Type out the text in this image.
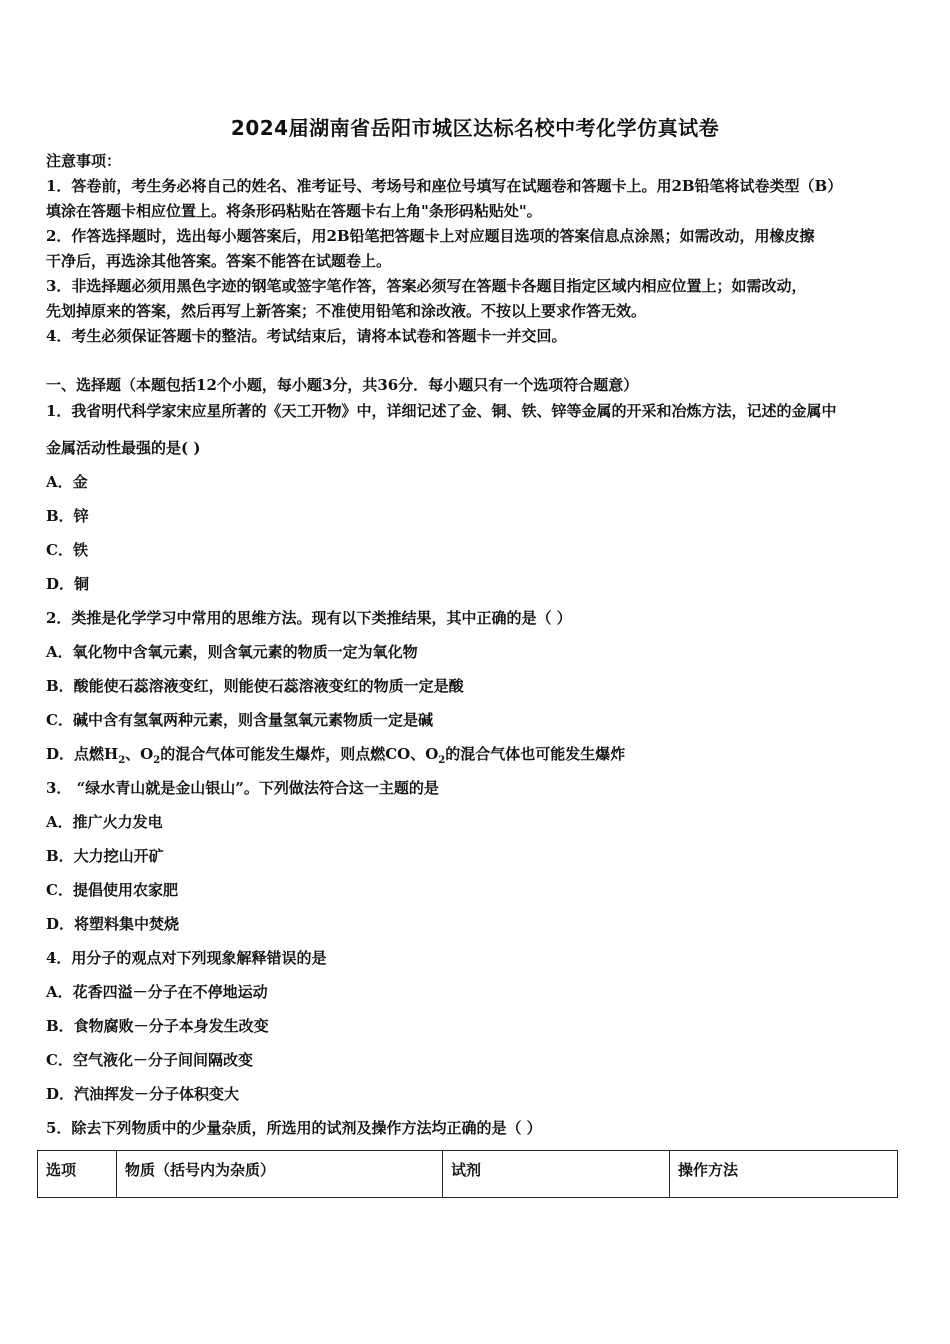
2024届湖南省岳阳市城区达标名校中考化学仿真试卷
注意事项：
1．答卷前，考生务必将自己的姓名、准考证号、考场号和座位号填写在试题卷和答题卡上。用2B铅笔将试卷类型（B）
填涂在答题卡相应位置上。将条形码粘贴在答题卡右上角"条形码粘贴处"。
2．作答选择题时，选出每小题答案后，用2B铅笔把答题卡上对应题目选项的答案信息点涂黑；如需改动，用橡皮擦
干净后，再选涂其他答案。答案不能答在试题卷上。
3．非选择题必须用黑色字迹的钢笔或签字笔作答，答案必须写在答题卡各题目指定区域内相应位置上；如需改动，
先划掉原来的答案，然后再写上新答案；不准使用铅笔和涂改液。不按以上要求作答无效。
4．考生必须保证答题卡的整洁。考试结束后，请将本试卷和答题卡一并交回。
一、选择题（本题包括12个小题，每小题3分，共36分．每小题只有一个选项符合题意）
1．我省明代科学家宋应星所著的《天工开物》中，详细记述了金、铜、铁、锌等金属的开采和冶炼方法，记述的金属中
金属活动性最强的是( )
A．金
B．锌
C．铁
D．铜
2．类推是化学学习中常用的思维方法。现有以下类推结果，其中正确的是（ ）
A．氧化物中含氧元素，则含氧元素的物质一定为氧化物
B．酸能使石蕊溶液变红，则能使石蕊溶液变红的物质一定是酸
C．碱中含有氢氧两种元素，则含量氢氧元素物质一定是碱
D．点燃$H_2$、$O_2$的混合气体可能发生爆炸，则点燃CO、$O_2$的混合气体也可能发生爆炸
3． “绿水青山就是金山银山”。下列做法符合这一主题的是
A．推广火力发电
B．大力挖山开矿
C．提倡使用农家肥
D．将塑料集中焚烧
4．用分子的观点对下列现象解释错误的是
A．花香四溢－分子在不停地运动
B．食物腐败－分子本身发生改变
C．空气液化－分子间间隔改变
D．汽油挥发－分子体积变大
5．除去下列物质中的少量杂质，所选用的试剂及操作方法均正确的是（ ）
选项	物质（括号内为杂质）	试剂	操作方法
